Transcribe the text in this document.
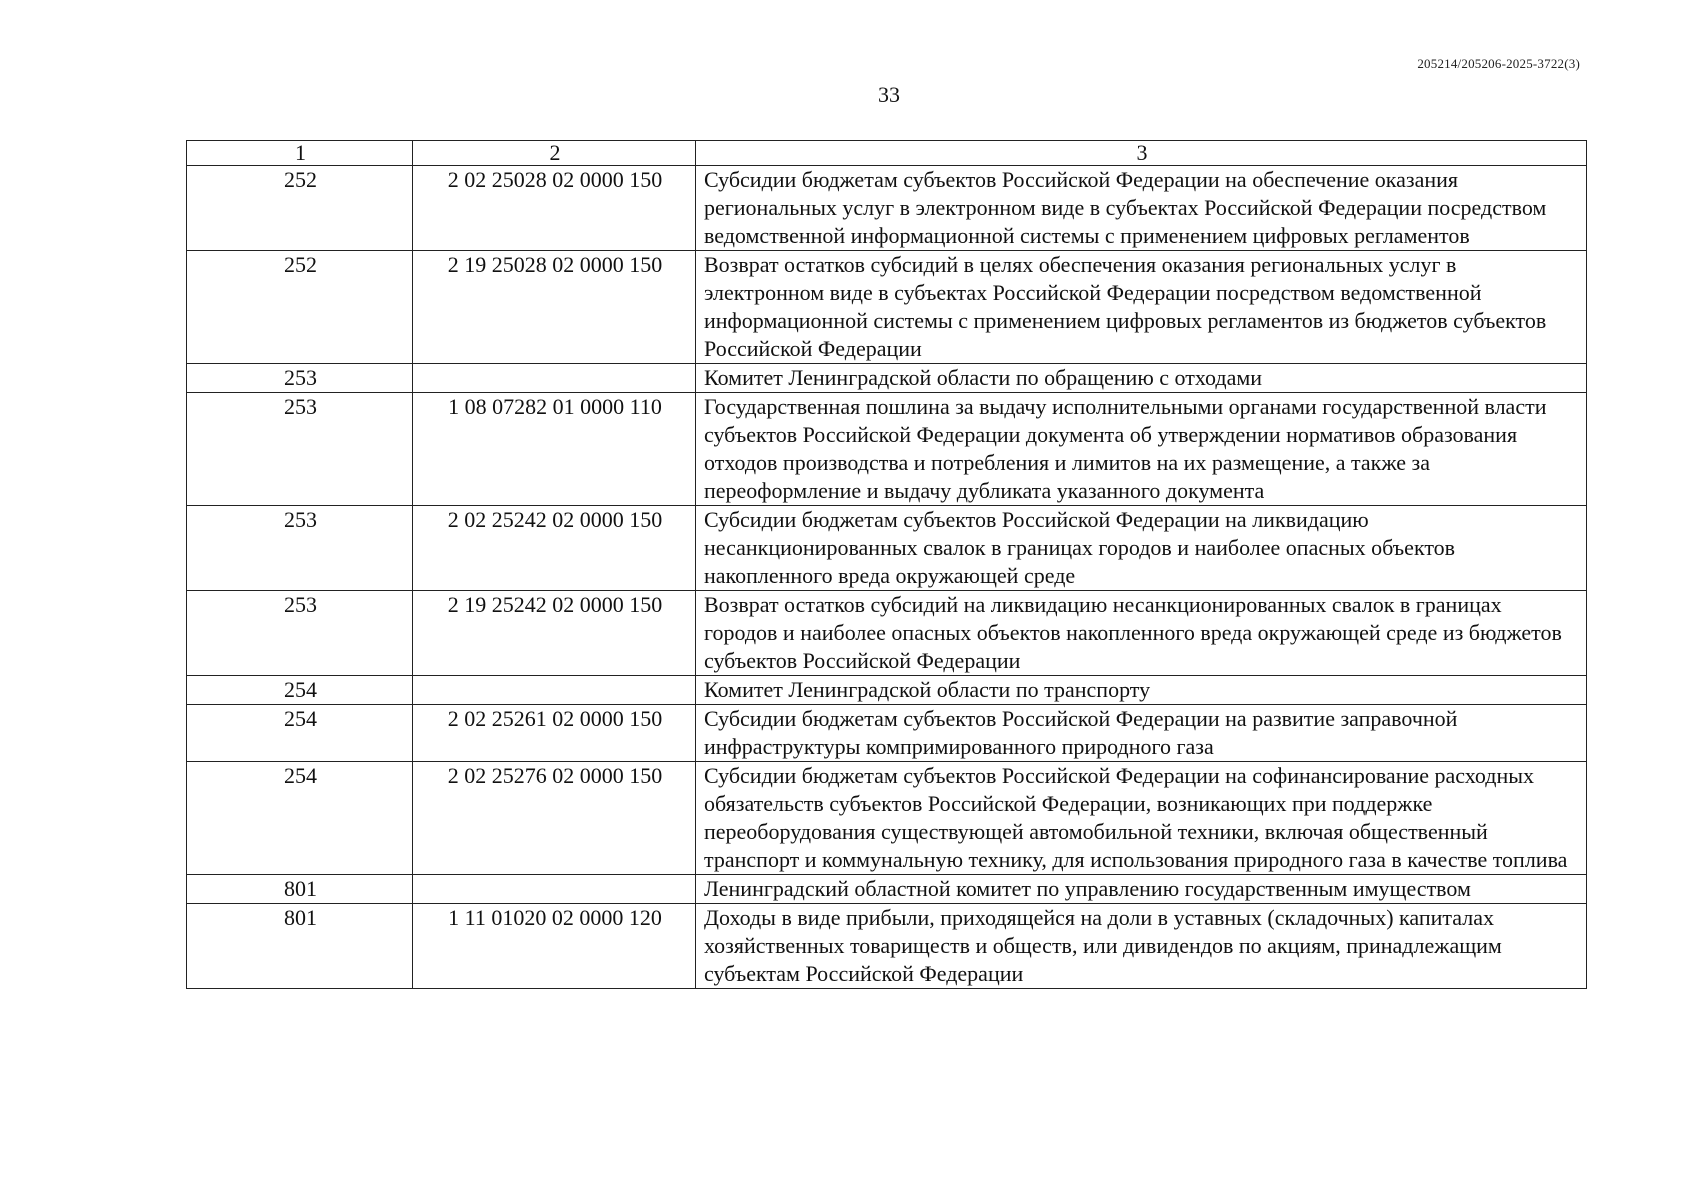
205214/205206-2025-3722(3)
33
1	2	3
252	2 02 25028 02 0000 150	Субсидии бюджетам субъектов Российской Федерации на обеспечение оказания региональных услуг в электронном виде в субъектах Российской Федерации посредством ведомственной информационной системы с применением цифровых регламентов
252	2 19 25028 02 0000 150	Возврат остатков субсидий в целях обеспечения оказания региональных услуг в электронном виде в субъектах Российской Федерации посредством ведомственной информационной системы с применением цифровых регламентов из бюджетов субъектов Российской Федерации
253		Комитет Ленинградской области по обращению с отходами
253	1 08 07282 01 0000 110	Государственная пошлина за выдачу исполнительными органами государственной власти субъектов Российской Федерации документа об утверждении нормативов образования отходов производства и потребления и лимитов на их размещение, а также за переоформление и выдачу дубликата указанного документа
253	2 02 25242 02 0000 150	Субсидии бюджетам субъектов Российской Федерации на ликвидацию несанкционированных свалок в границах городов и наиболее опасных объектов накопленного вреда окружающей среде
253	2 19 25242 02 0000 150	Возврат остатков субсидий на ликвидацию несанкционированных свалок в границах городов и наиболее опасных объектов накопленного вреда окружающей среде из бюджетов субъектов Российской Федерации
254		Комитет Ленинградской области по транспорту
254	2 02 25261 02 0000 150	Субсидии бюджетам субъектов Российской Федерации на развитие заправочной инфраструктуры компримированного природного газа
254	2 02 25276 02 0000 150	Субсидии бюджетам субъектов Российской Федерации на софинансирование расходных обязательств субъектов Российской Федерации, возникающих при поддержке переоборудования существующей автомобильной техники, включая общественный транспорт и коммунальную технику, для использования природного газа в качестве топлива
801		Ленинградский областной комитет по управлению государственным имуществом
801	1 11 01020 02 0000 120	Доходы в виде прибыли, приходящейся на доли в уставных (складочных) капиталах хозяйственных товариществ и обществ, или дивидендов по акциям, принадлежащим субъектам Российской Федерации
